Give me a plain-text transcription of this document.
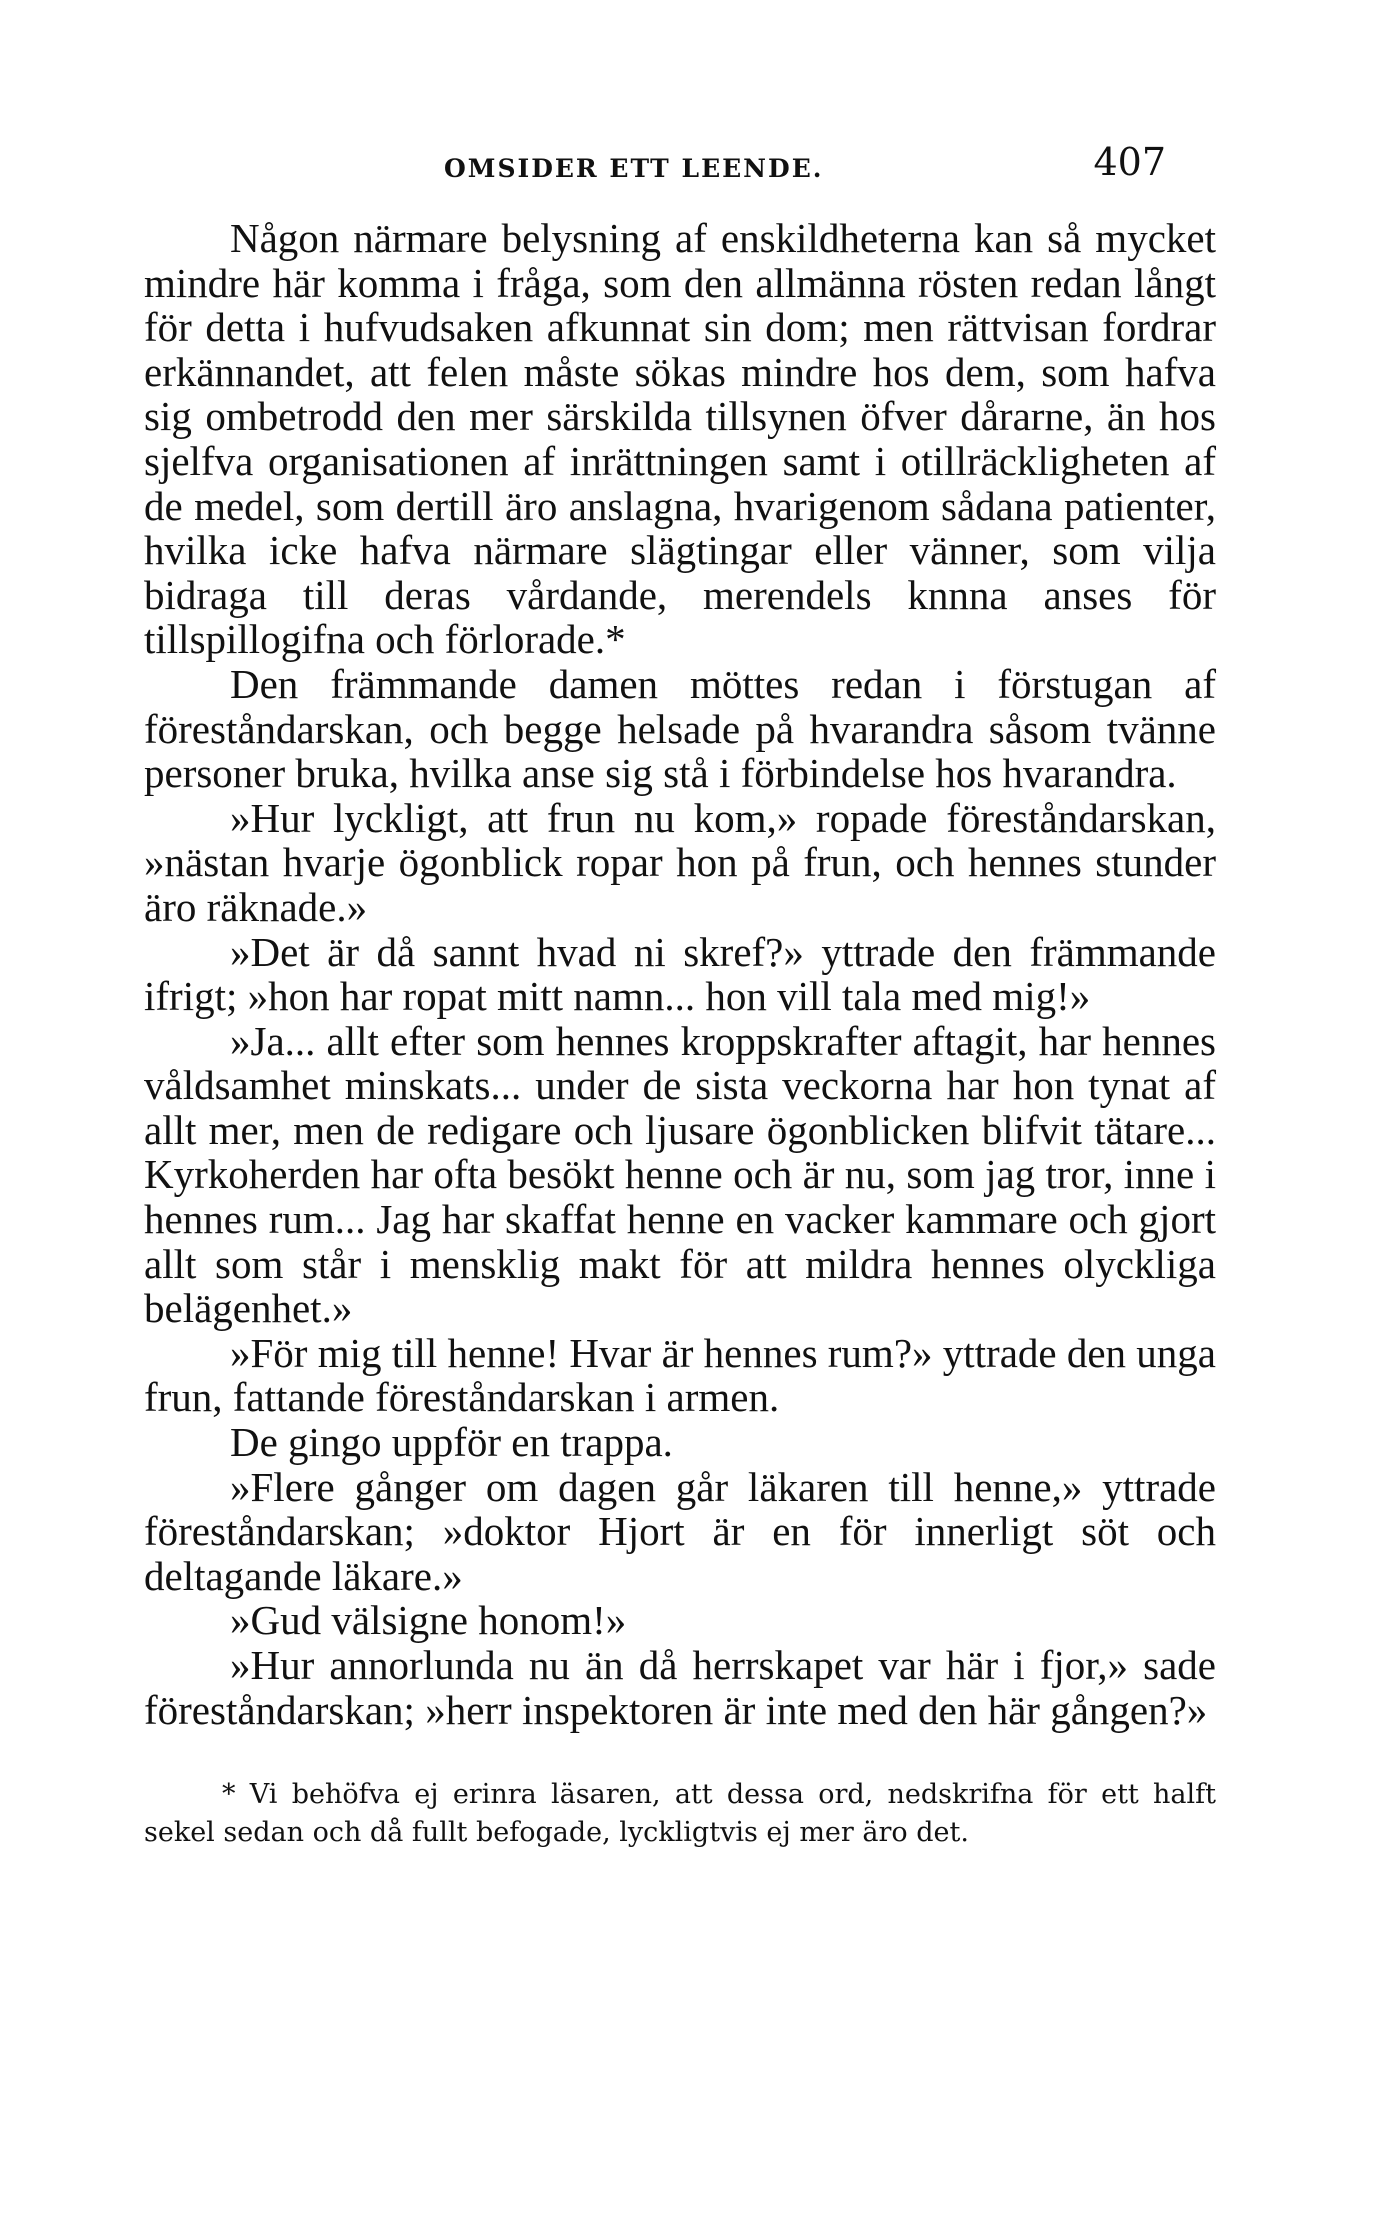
OMSIDER ETT LEENDE.	407

Någon närmare belysning af enskildheterna kan så mycket mindre här komma i fråga, som den allmänna rösten redan långt för detta i hufvudsaken afkunnat sin dom; men rättvisan fordrar erkännandet, att felen måste sökas mindre hos dem, som hafva sig ombetrodd den mer särskilda tillsynen öfver dårarne, än hos sjelfva organisationen af inrättningen samt i otillräckligheten af de medel, som dertill äro anslagna, hvarigenom sådana patienter, hvilka icke hafva närmare slägtingar eller vänner, som vilja bidraga till deras vårdande, merendels knnna anses för tillspillogifna och förlorade.*

Den främmande damen möttes redan i förstugan af föreståndarskan, och begge helsade på hvarandra såsom tvänne personer bruka, hvilka anse sig stå i förbindelse hos hvarandra.

»Hur lyckligt, att frun nu kom,» ropade föreståndarskan, »nästan hvarje ögonblick ropar hon på frun, och hennes stunder äro räknade.»

»Det är då sannt hvad ni skref?» yttrade den främmande ifrigt; »hon har ropat mitt namn... hon vill tala med mig!»

»Ja... allt efter som hennes kroppskrafter aftagit, har hennes våldsamhet minskats... under de sista veckorna har hon tynat af allt mer, men de redigare och ljusare ögonblicken blifvit tätare... Kyrkoherden har ofta besökt henne och är nu, som jag tror, inne i hennes rum... Jag har skaffat henne en vacker kammare och gjort allt som står i mensklig makt för att mildra hennes olyckliga belägenhet.»

»För mig till henne! Hvar är hennes rum?» yttrade den unga frun, fattande föreståndarskan i armen.

De gingo uppför en trappa.

»Flere gånger om dagen går läkaren till henne,» yttrade föreståndarskan; »doktor Hjort är en för innerligt söt och deltagande läkare.»

»Gud välsigne honom!»

»Hur annorlunda nu än då herrskapet var här i fjor,» sade föreståndarskan; »herr inspektoren är inte med den här gången?»

* Vi behöfva ej erinra läsaren, att dessa ord, nedskrifna för ett halft sekel sedan och då fullt befogade, lyckligtvis ej mer äro det.
